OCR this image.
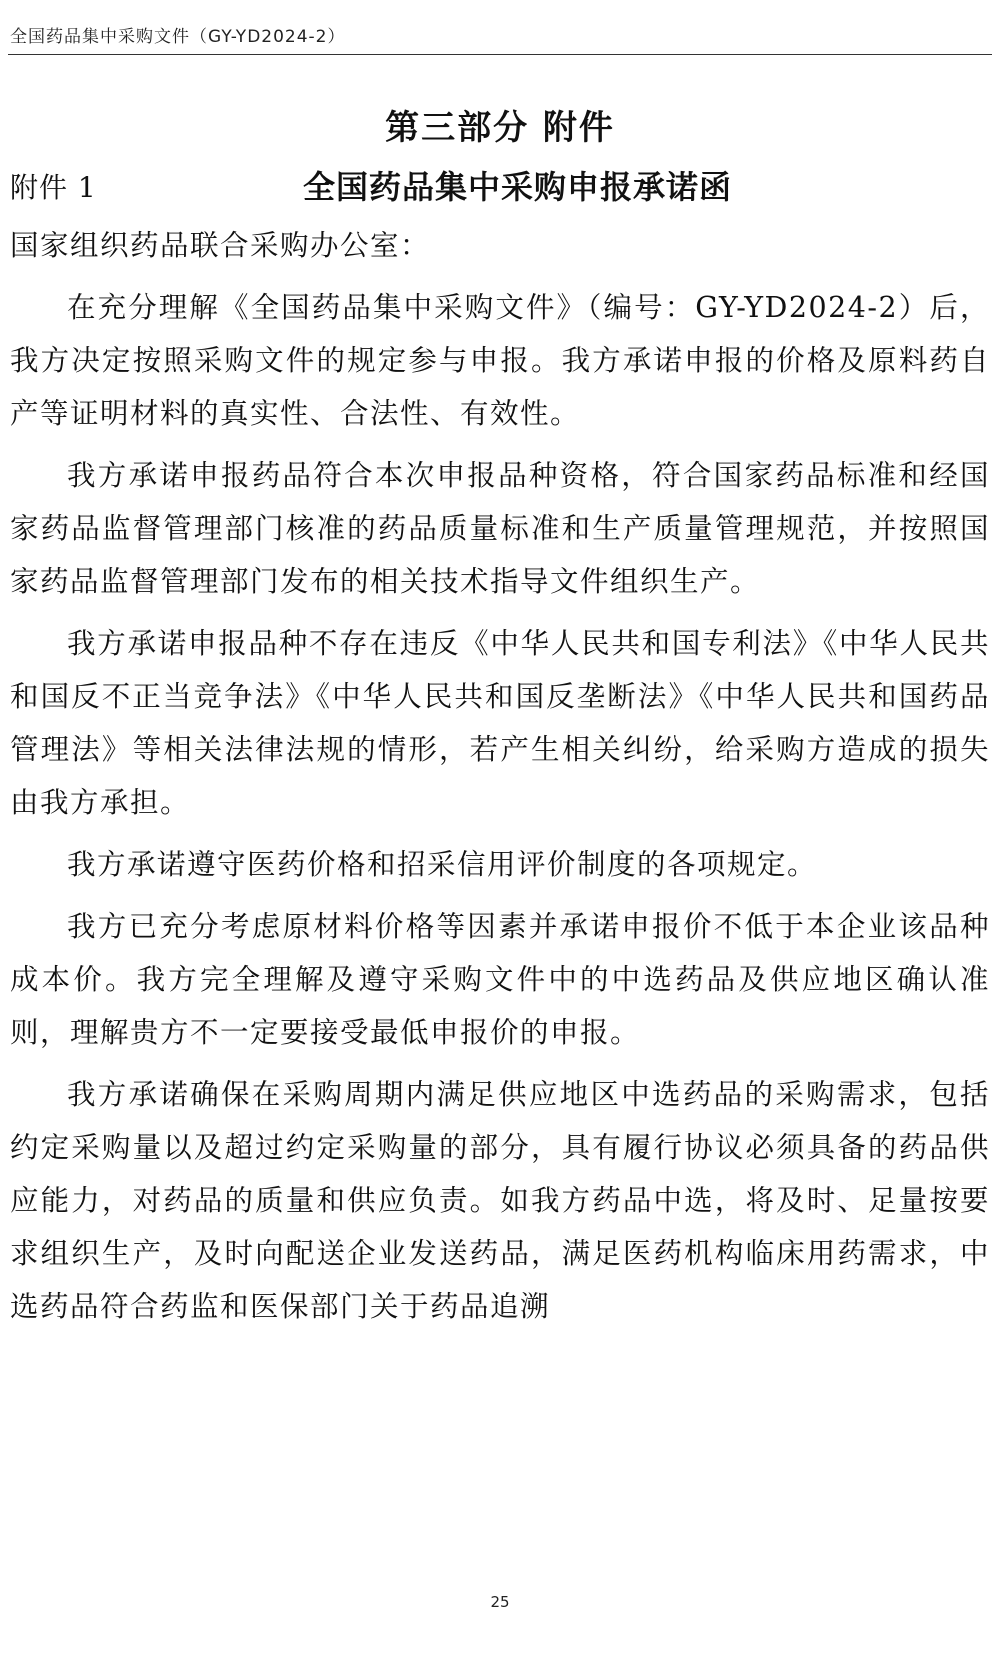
全国药品集中采购文件（GY-YD2024-2）
第三部分 附件
附件 1	全国药品集中采购申报承诺函

国家组织药品联合采购办公室：

在充分理解《全国药品集中采购文件》（编号：GY-YD2024-2）后，我方决定按照采购文件的规定参与申报。我方承诺申报的价格及原料药自产等证明材料的真实性、合法性、有效性。

我方承诺申报药品符合本次申报品种资格，符合国家药品标准和经国家药品监督管理部门核准的药品质量标准和生产质量管理规范，并按照国家药品监督管理部门发布的相关技术指导文件组织生产。

我方承诺申报品种不存在违反《中华人民共和国专利法》《中华人民共和国反不正当竞争法》《中华人民共和国反垄断法》《中华人民共和国药品管理法》等相关法律法规的情形，若产生相关纠纷，给采购方造成的损失由我方承担。

我方承诺遵守医药价格和招采信用评价制度的各项规定。

我方已充分考虑原材料价格等因素并承诺申报价不低于本企业该品种成本价。我方完全理解及遵守采购文件中的中选药品及供应地区确认准则，理解贵方不一定要接受最低申报价的申报。

我方承诺确保在采购周期内满足供应地区中选药品的采购需求，包括约定采购量以及超过约定采购量的部分，具有履行协议必须具备的药品供应能力，对药品的质量和供应负责。如我方药品中选，将及时、足量按要求组织生产，及时向配送企业发送药品，满足医药机构临床用药需求，中选药品符合药监和医保部门关于药品追溯

25
